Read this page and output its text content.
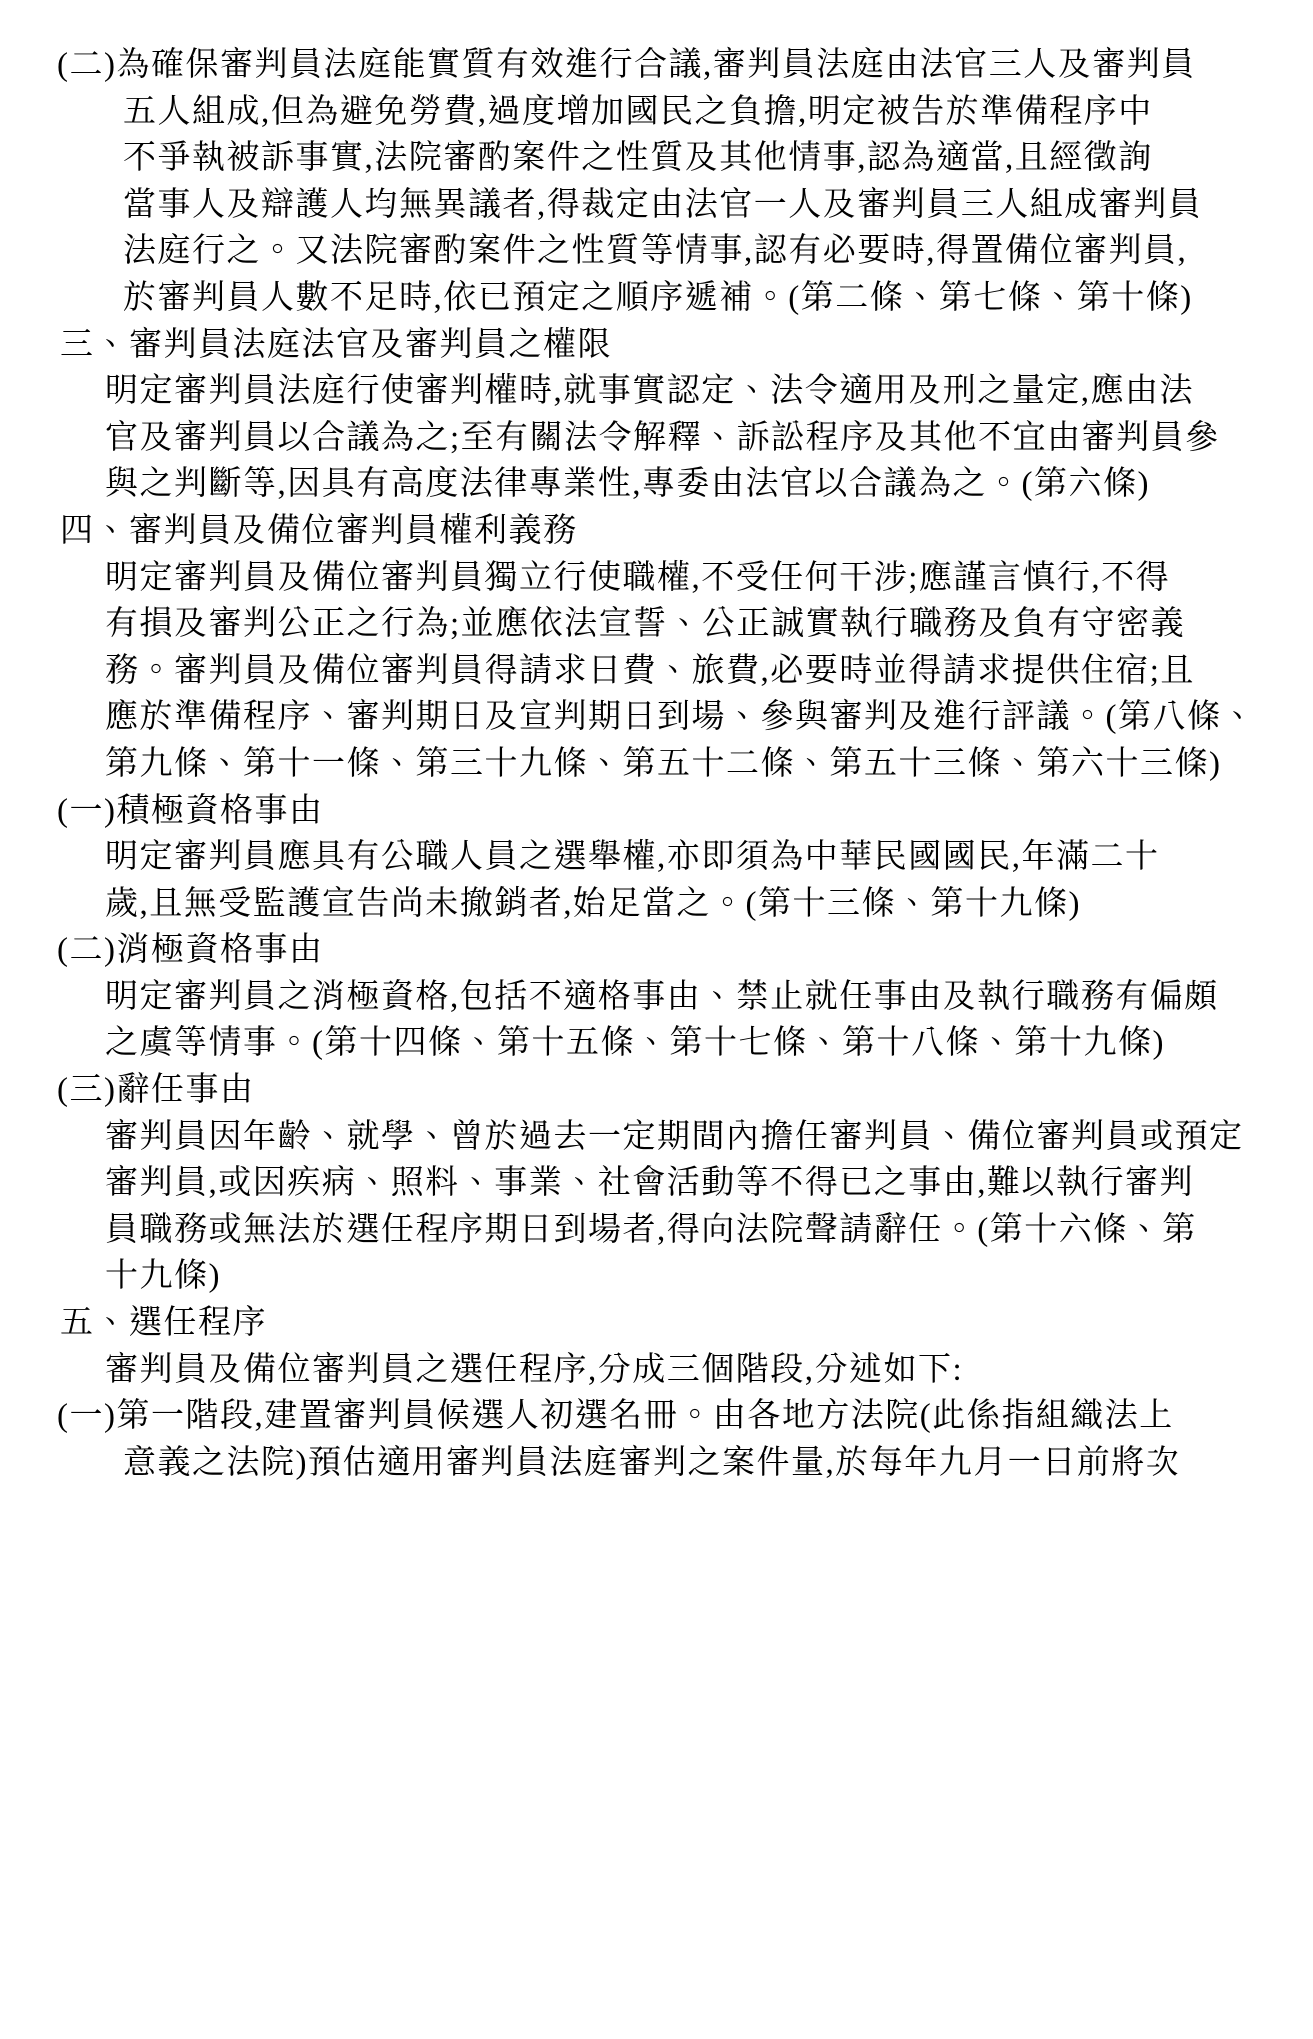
(二)為確保審判員法庭能實質有效進行合議,審判員法庭由法官三人及審判員
五人組成,但為避免勞費,過度增加國民之負擔,明定被告於準備程序中
不爭執被訴事實,法院審酌案件之性質及其他情事,認為適當,且經徵詢
當事人及辯護人均無異議者,得裁定由法官一人及審判員三人組成審判員
法庭行之。又法院審酌案件之性質等情事,認有必要時,得置備位審判員,
於審判員人數不足時,依已預定之順序遞補。(第二條、第七條、第十條)
三、審判員法庭法官及審判員之權限
明定審判員法庭行使審判權時,就事實認定、法令適用及刑之量定,應由法
官及審判員以合議為之;至有關法令解釋、訴訟程序及其他不宜由審判員參
與之判斷等,因具有高度法律專業性,專委由法官以合議為之。(第六條)
四、審判員及備位審判員權利義務
明定審判員及備位審判員獨立行使職權,不受任何干涉;應謹言慎行,不得
有損及審判公正之行為;並應依法宣誓、公正誠實執行職務及負有守密義
務。審判員及備位審判員得請求日費、旅費,必要時並得請求提供住宿;且
應於準備程序、審判期日及宣判期日到場、參與審判及進行評議。(第八條、
第九條、第十一條、第三十九條、第五十二條、第五十三條、第六十三條)
(一)積極資格事由
明定審判員應具有公職人員之選舉權,亦即須為中華民國國民,年滿二十
歲,且無受監護宣告尚未撤銷者,始足當之。(第十三條、第十九條)
(二)消極資格事由
明定審判員之消極資格,包括不適格事由、禁止就任事由及執行職務有偏頗
之虞等情事。(第十四條、第十五條、第十七條、第十八條、第十九條)
(三)辭任事由
審判員因年齡、就學、曾於過去一定期間內擔任審判員、備位審判員或預定
審判員,或因疾病、照料、事業、社會活動等不得已之事由,難以執行審判
員職務或無法於選任程序期日到場者,得向法院聲請辭任。(第十六條、第
十九條)
五、選任程序
審判員及備位審判員之選任程序,分成三個階段,分述如下:
(一)第一階段,建置審判員候選人初選名冊。由各地方法院(此係指組織法上
意義之法院)預估適用審判員法庭審判之案件量,於每年九月一日前將次
